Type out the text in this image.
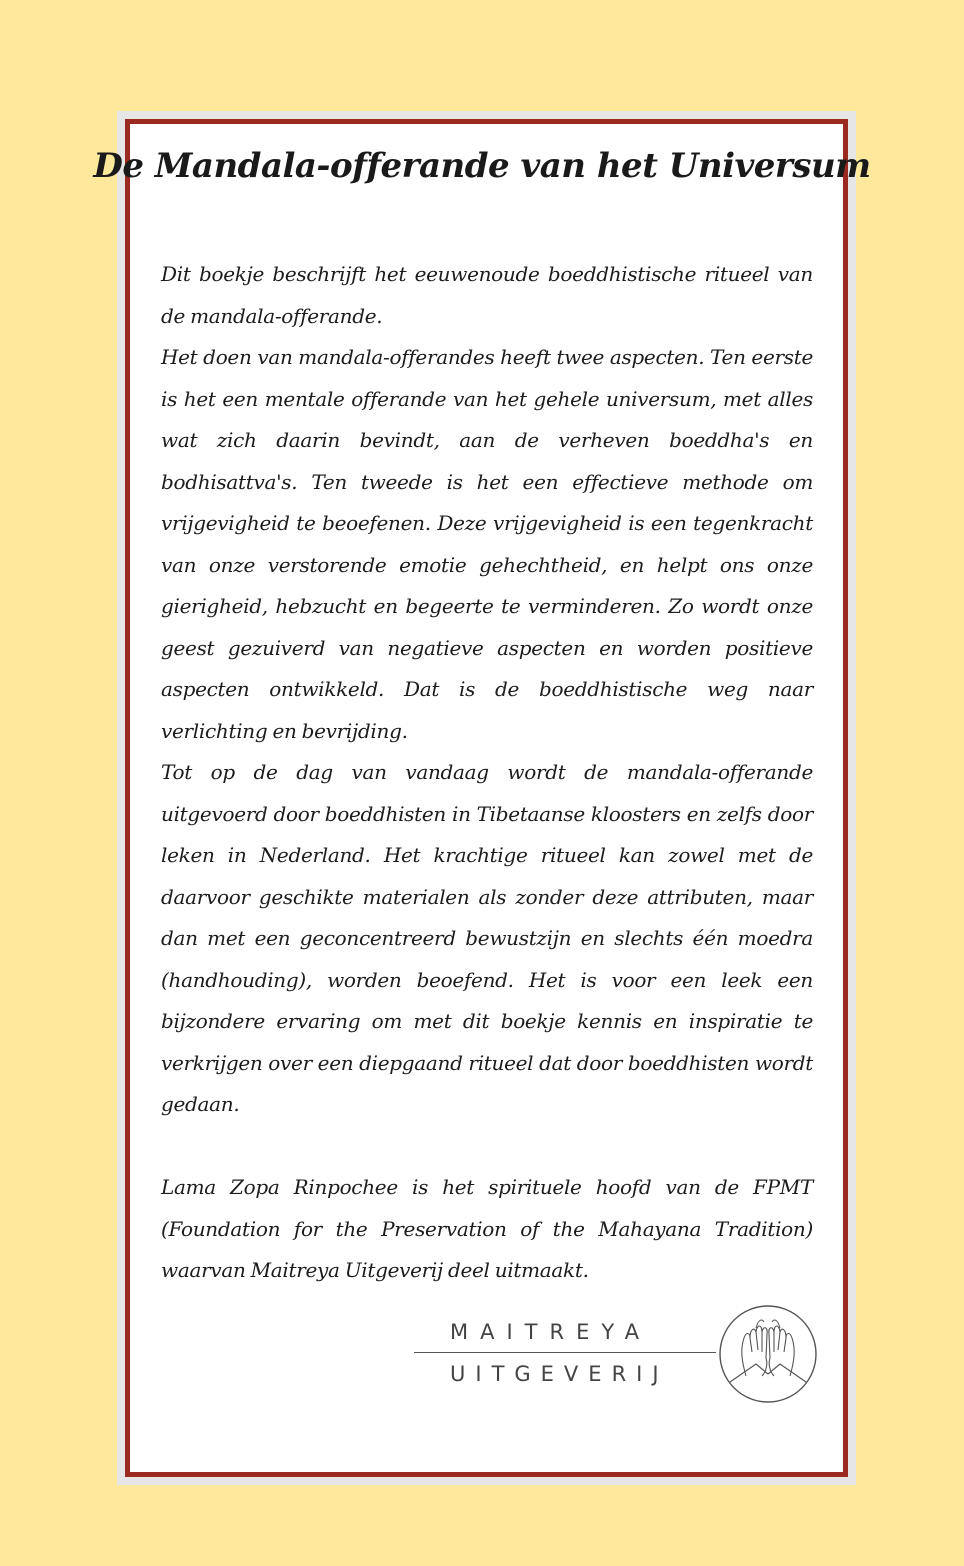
De Mandala-offerande van het Universum

Dit boekje beschrijft het eeuwenoude boeddhistische ritueel van de mandala-offerande.

Het doen van mandala-offerandes heeft twee aspecten. Ten eerste is het een mentale offerande van het gehele universum, met alles wat zich daarin bevindt, aan de verheven boeddha's en bodhisattva's. Ten tweede is het een effectieve methode om vrijgevigheid te beoefenen. Deze vrijgevigheid is een tegenkracht van onze verstorende emotie gehechtheid, en helpt ons onze gierigheid, hebzucht en begeerte te verminderen. Zo wordt onze geest gezuiverd van negatieve aspecten en worden positieve aspecten ontwikkeld. Dat is de boeddhistische weg naar verlichting en bevrijding.

Tot op de dag van vandaag wordt de mandala-offerande uitgevoerd door boeddhisten in Tibetaanse kloosters en zelfs door leken in Nederland. Het krachtige ritueel kan zowel met de daarvoor geschikte materialen als zonder deze attributen, maar dan met een geconcentreerd bewustzijn en slechts één moedra (handhouding), worden beoefend. Het is voor een leek een bijzondere ervaring om met dit boekje kennis en inspiratie te verkrijgen over een diepgaand ritueel dat door boeddhisten wordt gedaan.

Lama Zopa Rinpochee is het spirituele hoofd van de FPMT (Foundation for the Preservation of the Mahayana Tradition) waarvan Maitreya Uitgeverij deel uitmaakt.

MAITREYA
UITGEVERIJ
